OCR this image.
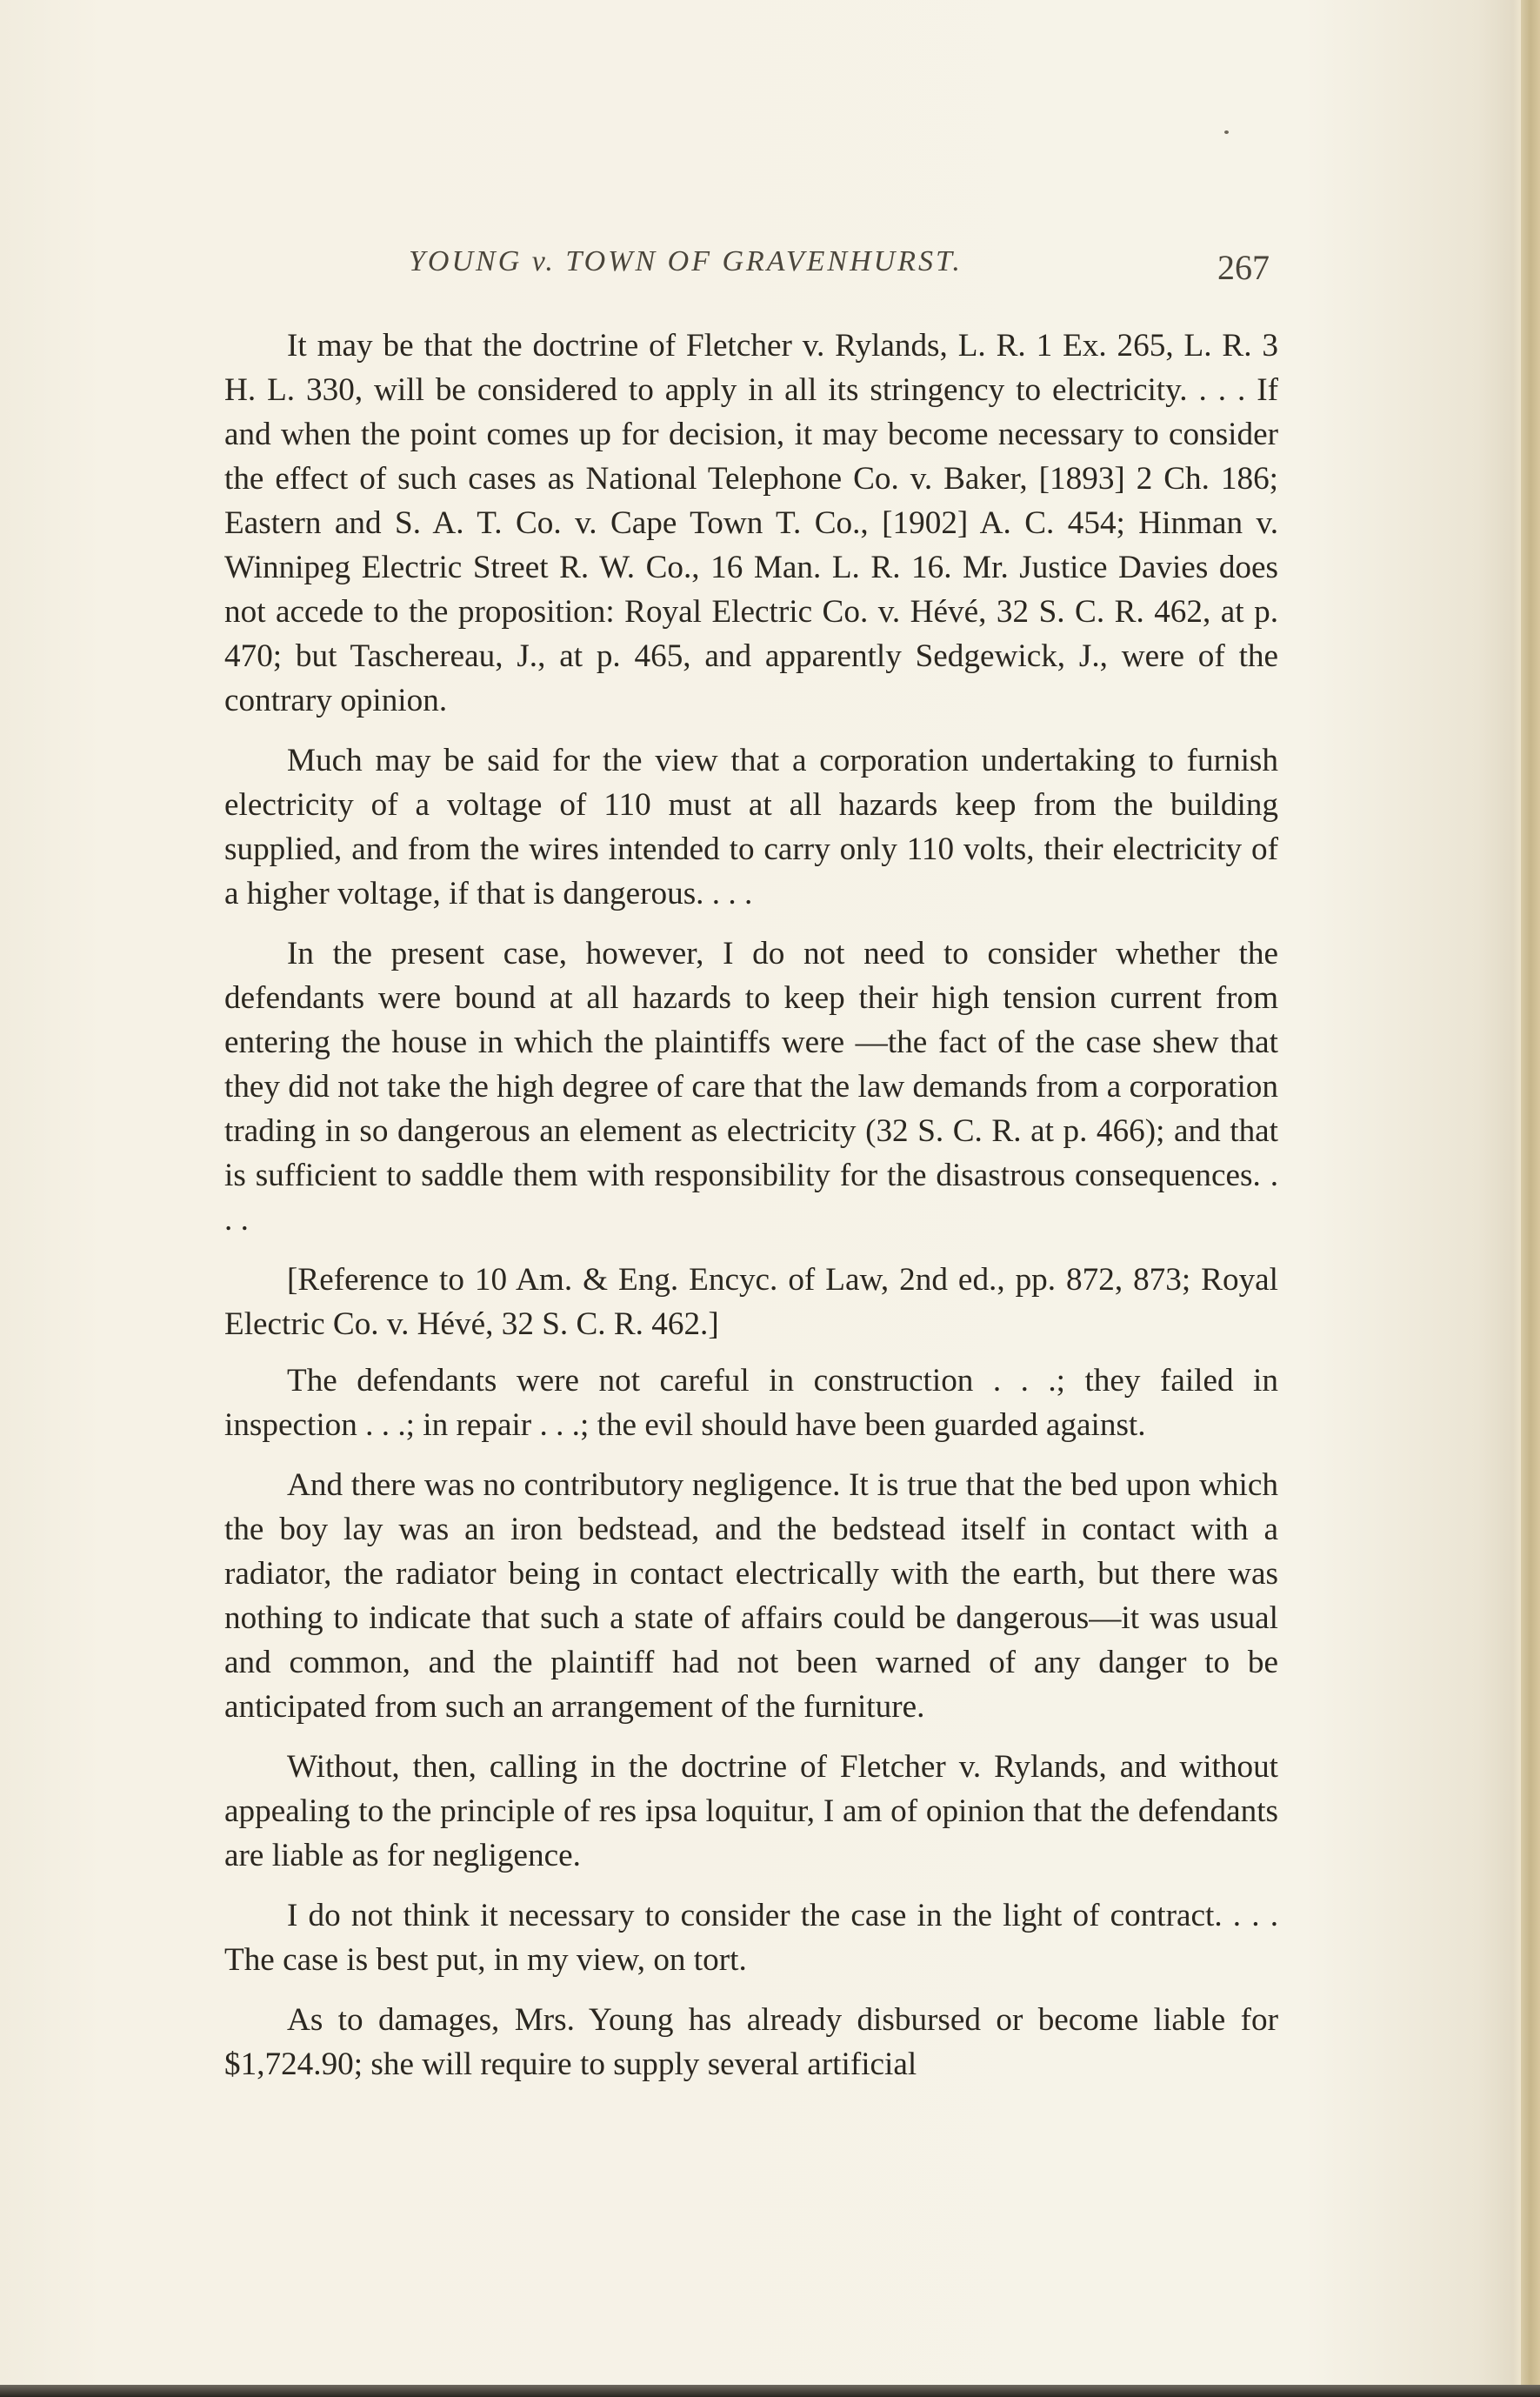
YOUNG v. TOWN OF GRAVENHURST.	267

It may be that the doctrine of Fletcher v. Rylands, L. R. 1 Ex. 265, L. R. 3 H. L. 330, will be considered to apply in all its stringency to electricity. . . . If and when the point comes up for decision, it may become necessary to consider the effect of such cases as National Telephone Co. v. Baker, [1893] 2 Ch. 186; Eastern and S. A. T. Co. v. Cape Town T. Co., [1902] A. C. 454; Hinman v. Winnipeg Electric Street R. W. Co., 16 Man. L. R. 16. Mr. Justice Davies does not accede to the proposition: Royal Electric Co. v. Hévé, 32 S. C. R. 462, at p. 470; but Taschereau, J., at p. 465, and apparently Sedgewick, J., were of the contrary opinion.

Much may be said for the view that a corporation undertaking to furnish electricity of a voltage of 110 must at all hazards keep from the building supplied, and from the wires intended to carry only 110 volts, their electricity of a higher voltage, if that is dangerous. . . .

In the present case, however, I do not need to consider whether the defendants were bound at all hazards to keep their high tension current from entering the house in which the plaintiffs were —the fact of the case shew that they did not take the high degree of care that the law demands from a corporation trading in so dangerous an element as electricity (32 S. C. R. at p. 466); and that is sufficient to saddle them with responsibility for the disastrous consequences. . . .

[Reference to 10 Am. & Eng. Encyc. of Law, 2nd ed., pp. 872, 873; Royal Electric Co. v. Hévé, 32 S. C. R. 462.]

The defendants were not careful in construction . . .; they failed in inspection . . .; in repair . . .; the evil should have been guarded against.

And there was no contributory negligence. It is true that the bed upon which the boy lay was an iron bedstead, and the bedstead itself in contact with a radiator, the radiator being in contact electrically with the earth, but there was nothing to indicate that such a state of affairs could be dangerous—it was usual and common, and the plaintiff had not been warned of any danger to be anticipated from such an arrangement of the furniture.

Without, then, calling in the doctrine of Fletcher v. Rylands, and without appealing to the principle of res ipsa loquitur, I am of opinion that the defendants are liable as for negligence.

I do not think it necessary to consider the case in the light of contract. . . . The case is best put, in my view, on tort.

As to damages, Mrs. Young has already disbursed or become liable for $1,724.90; she will require to supply several artificial
